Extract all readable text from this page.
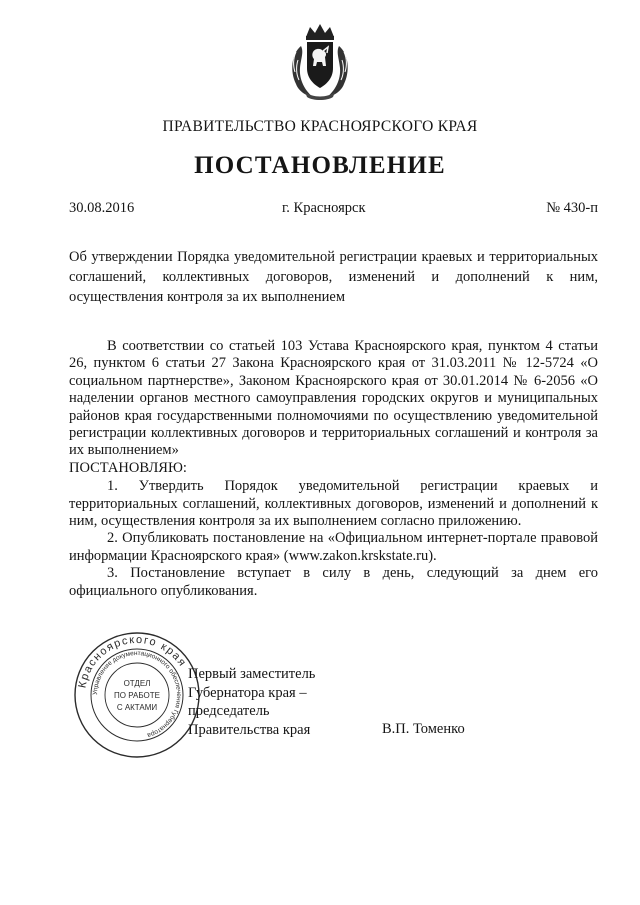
ПРАВИТЕЛЬСТВО КРАСНОЯРСКОГО КРАЯ
ПОСТАНОВЛЕНИЕ
30.08.2016	г. Красноярск	№ 430-п
Об утверждении Порядка уведомительной регистрации краевых и территориальных соглашений, коллективных договоров, изменений и дополнений к ним, осуществления контроля за их выполнением

В соответствии со статьей 103 Устава Красноярского края, пунктом 4 статьи 26, пунктом 6 статьи 27 Закона Красноярского края от 31.03.2011 № 12-5724 «О социальном партнерстве», Законом Красноярского края от 30.01.2014 № 6-2056 «О наделении органов местного самоуправления городских округов и муниципальных районов края государственными полномочиями по осуществлению уведомительной регистрации коллективных договоров и территориальных соглашений и контроля за их выполнением»

ПОСТАНОВЛЯЮ:

1. Утвердить Порядок уведомительной регистрации краевых и территориальных соглашений, коллективных договоров, изменений и дополнений к ним, осуществления контроля за их выполнением согласно приложению.

2. Опубликовать постановление на «Официальном интернет-портале правовой информации Красноярского края» (www.zakon.krskstate.ru).

3. Постановление вступает в силу в день, следующий за днем его официального опубликования.

Красноярского края
Управление документационного обеспечения Губернатора
ОТДЕЛ
ПО РАБОТЕ
С АКТАМИ
Первый заместитель
Губернатора края –
председатель
Правительства края	В.П. Томенко
